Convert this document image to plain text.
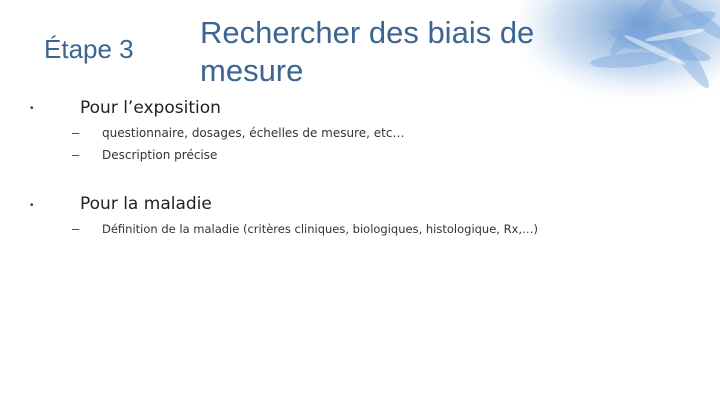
Étape 3 Rechercher des biais de
mesure
•	Pour l’exposition
– questionnaire, dosages, échelles de mesure, etc…
– Description précise
•	Pour la maladie
– Définition de la maladie (critères cliniques, biologiques, histologique, Rx,…)
